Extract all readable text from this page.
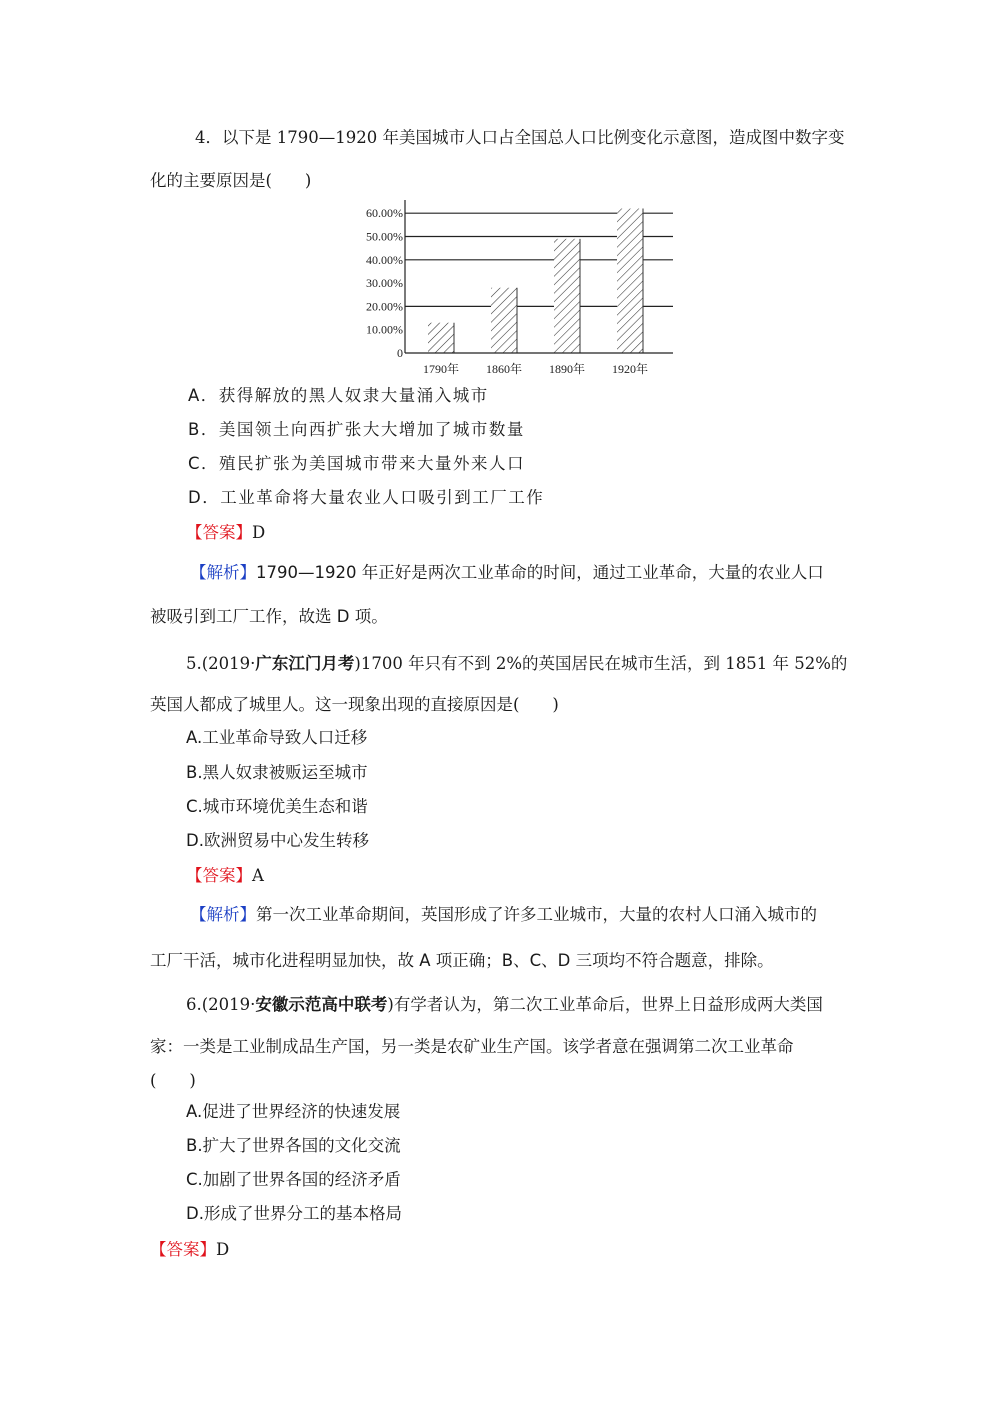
4．以下是 1790—1920 年美国城市人口占全国总人口比例变化示意图，造成图中数字变
化的主要原因是(　　)
0
10.00%
20.00%
30.00%
40.00%
50.00%
60.00%
1790年 1860年 1890年 1920年
A．获得解放的黑人奴隶大量涌入城市
B．美国领土向西扩张大大增加了城市数量
C．殖民扩张为美国城市带来大量外来人口
D．工业革命将大量农业人口吸引到工厂工作
【答案】D
【解析】1790—1920 年正好是两次工业革命的时间，通过工业革命，大量的农业人口
被吸引到工厂工作，故选 D 项。
5.(2019·广东江门月考)1700 年只有不到 2%的英国居民在城市生活，到 1851 年 52%的
英国人都成了城里人。这一现象出现的直接原因是(　　)
A.工业革命导致人口迁移
B.黑人奴隶被贩运至城市
C.城市环境优美生态和谐
D.欧洲贸易中心发生转移
【答案】A
【解析】第一次工业革命期间，英国形成了许多工业城市，大量的农村人口涌入城市的
工厂干活，城市化进程明显加快，故 A 项正确；B、C、D 三项均不符合题意，排除。
6.(2019·安徽示范高中联考)有学者认为，第二次工业革命后，世界上日益形成两大类国
家：一类是工业制成品生产国，另一类是农矿业生产国。该学者意在强调第二次工业革命
(　　)
A.促进了世界经济的快速发展
B.扩大了世界各国的文化交流
C.加剧了世界各国的经济矛盾
D.形成了世界分工的基本格局
【答案】D
